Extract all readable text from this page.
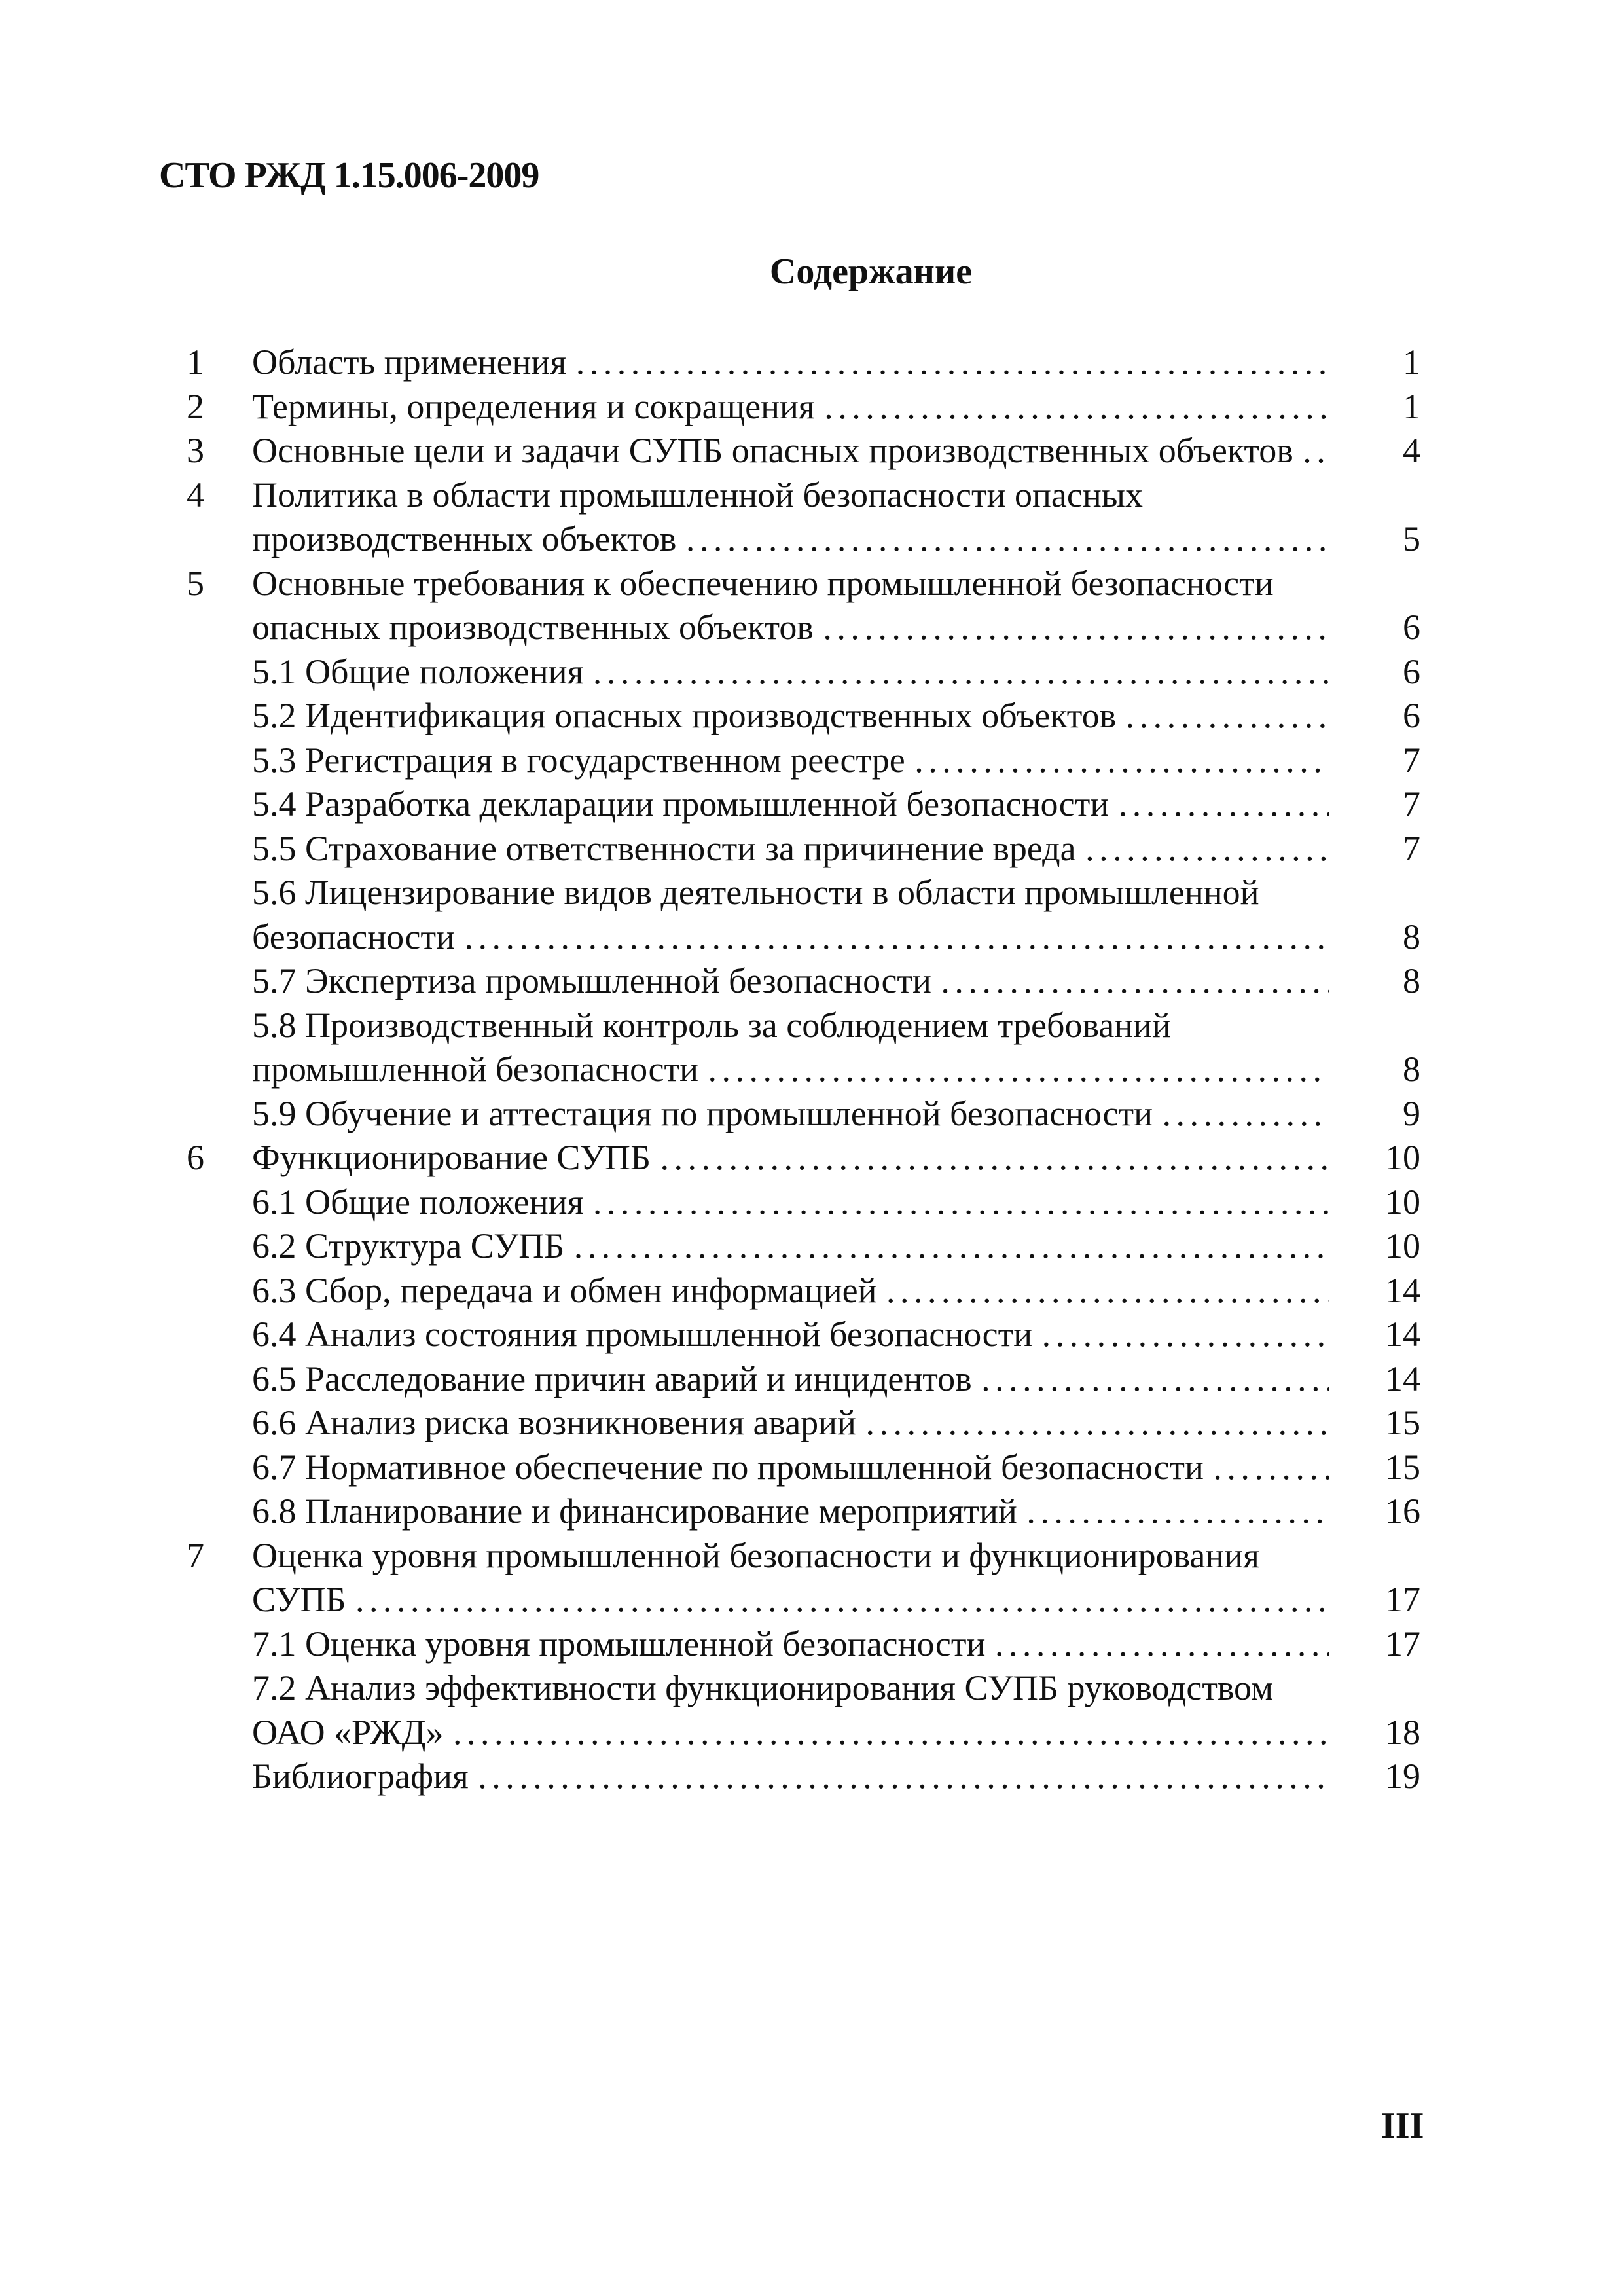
СТО РЖД 1.15.006-2009
Содержание
1	Область применения . . .	1
2	Термины, определения и сокращения . . .	1
3	Основные цели и задачи СУПБ опасных производственных объектов . . .	4
4	Политика в области промышленной безопасности опасных
производственных объектов . . .	5
5	Основные требования к обеспечению промышленной безопасности
опасных производственных объектов . . .	6
5.1 Общие положения . . .	6
5.2 Идентификация опасных производственных объектов . . .	6
5.3 Регистрация в государственном реестре . . .	7
5.4 Разработка декларации промышленной безопасности . . .	7
5.5 Страхование ответственности за причинение вреда . . .	7
5.6 Лицензирование видов деятельности в области промышленной
безопасности . . .	8
5.7 Экспертиза промышленной безопасности . . .	8
5.8 Производственный контроль за соблюдением требований
промышленной безопасности . . .	8
5.9 Обучение и аттестация по промышленной безопасности . . .	9
6	Функционирование СУПБ . . .	10
6.1 Общие положения . . .	10
6.2 Структура СУПБ . . .	10
6.3 Сбор, передача и обмен информацией . . .	14
6.4 Анализ состояния промышленной безопасности . . .	14
6.5 Расследование причин аварий и инцидентов . . .	14
6.6 Анализ риска возникновения аварий . . .	15
6.7 Нормативное обеспечение по промышленной безопасности . . .	15
6.8 Планирование и финансирование мероприятий . . .	16
7	Оценка уровня промышленной безопасности и функционирования
СУПБ . . .	17
7.1 Оценка уровня промышленной безопасности . . .	17
7.2 Анализ эффективности функционирования СУПБ руководством
ОАО «РЖД» . . .	18
Библиография . . .	19
III
